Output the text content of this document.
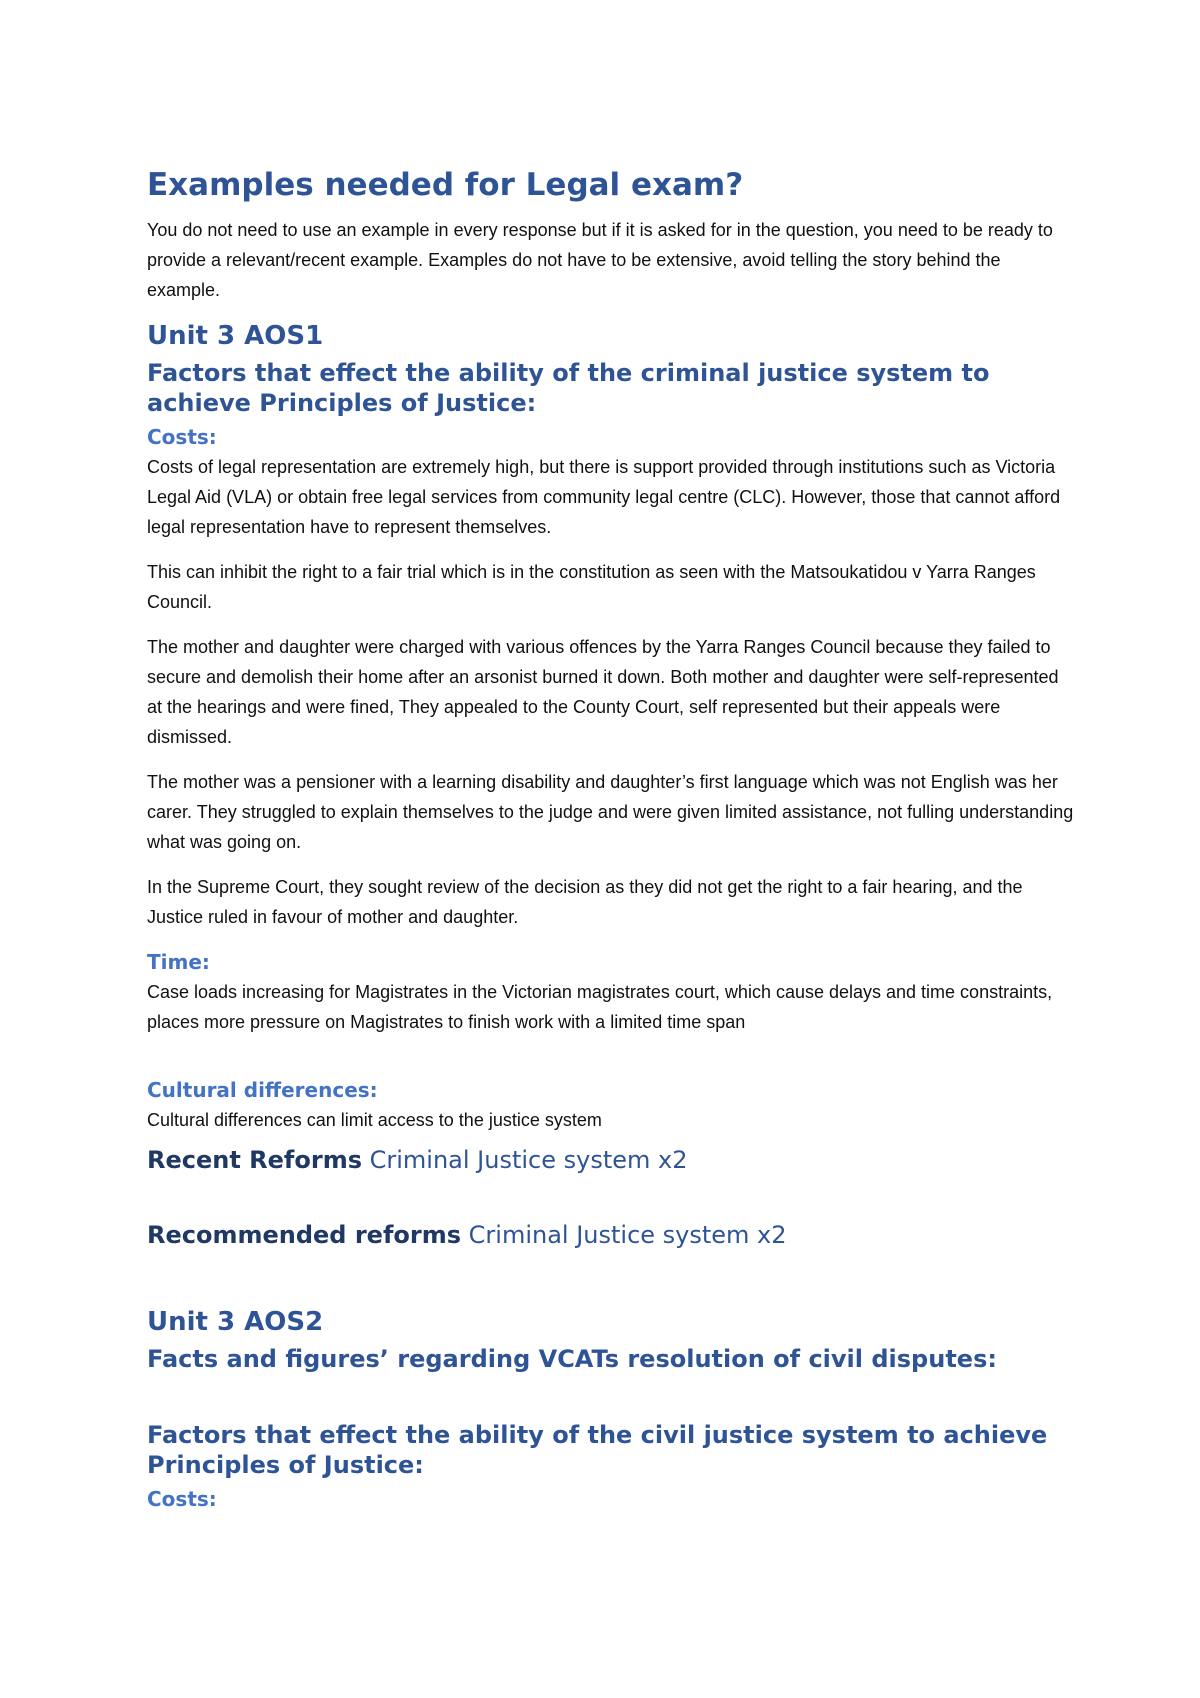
Examples needed for Legal exam?

You do not need to use an example in every response but if it is asked for in the question, you need to be ready to provide a relevant/recent example. Examples do not have to be extensive, avoid telling the story behind the example.

Unit 3 AOS1
Factors that effect the ability of the criminal justice system to achieve Principles of Justice:
Costs:

Costs of legal representation are extremely high, but there is support provided through institutions such as Victoria Legal Aid (VLA) or obtain free legal services from community legal centre (CLC). However, those that cannot afford legal representation have to represent themselves.

This can inhibit the right to a fair trial which is in the constitution as seen with the Matsoukatidou v Yarra Ranges Council.

The mother and daughter were charged with various offences by the Yarra Ranges Council because they failed to secure and demolish their home after an arsonist burned it down. Both mother and daughter were self-represented at the hearings and were fined, They appealed to the County Court, self represented but their appeals were dismissed.

The mother was a pensioner with a learning disability and daughter’s first language which was not English was her carer. They struggled to explain themselves to the judge and were given limited assistance, not fulling understanding what was going on.

In the Supreme Court, they sought review of the decision as they did not get the right to a fair hearing, and the Justice ruled in favour of mother and daughter.

Time:

Case loads increasing for Magistrates in the Victorian magistrates court, which cause delays and time constraints, places more pressure on Magistrates to finish work with a limited time span

Cultural differences:

Cultural differences can limit access to the justice system

Recent Reforms Criminal Justice system x2

Recommended reforms Criminal Justice system x2

Unit 3 AOS2
Facts and figures’ regarding VCATs resolution of civil disputes:
Factors that effect the ability of the civil justice system to achieve Principles of Justice:
Costs:
